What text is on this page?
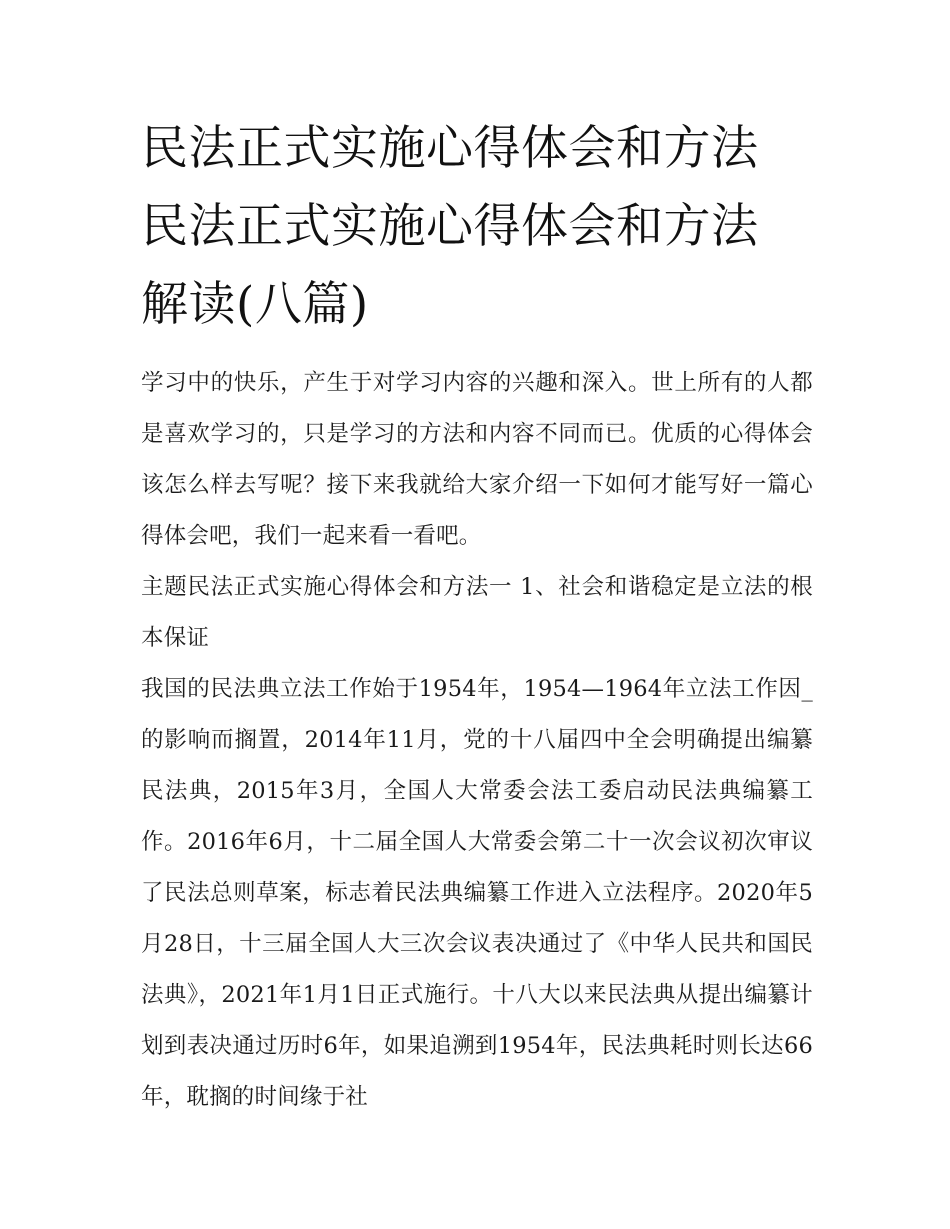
民法正式实施心得体会和方法
民法正式实施心得体会和方法
解读(八篇)

学习中的快乐，产生于对学习内容的兴趣和深入。世上所有的人都是喜欢学习的，只是学习的方法和内容不同而已。优质的心得体会该怎么样去写呢？接下来我就给大家介绍一下如何才能写好一篇心得体会吧，我们一起来看一看吧。

主题民法正式实施心得体会和方法一 1、社会和谐稳定是立法的根本保证

我国的民法典立法工作始于1954年，1954—1964年立法工作因_的影响而搁置，2014年11月，党的十八届四中全会明确提出编纂民法典，2015年3月，全国人大常委会法工委启动民法典编纂工作。2016年6月，十二届全国人大常委会第二十一次会议初次审议了民法总则草案，标志着民法典编纂工作进入立法程序。2020年5月28日，十三届全国人大三次会议表决通过了《中华人民共和国民法典》，2021年1月1日正式施行。十八大以来民法典从提出编纂计划到表决通过历时6年，如果追溯到1954年，民法典耗时则长达66年，耽搁的时间缘于社
